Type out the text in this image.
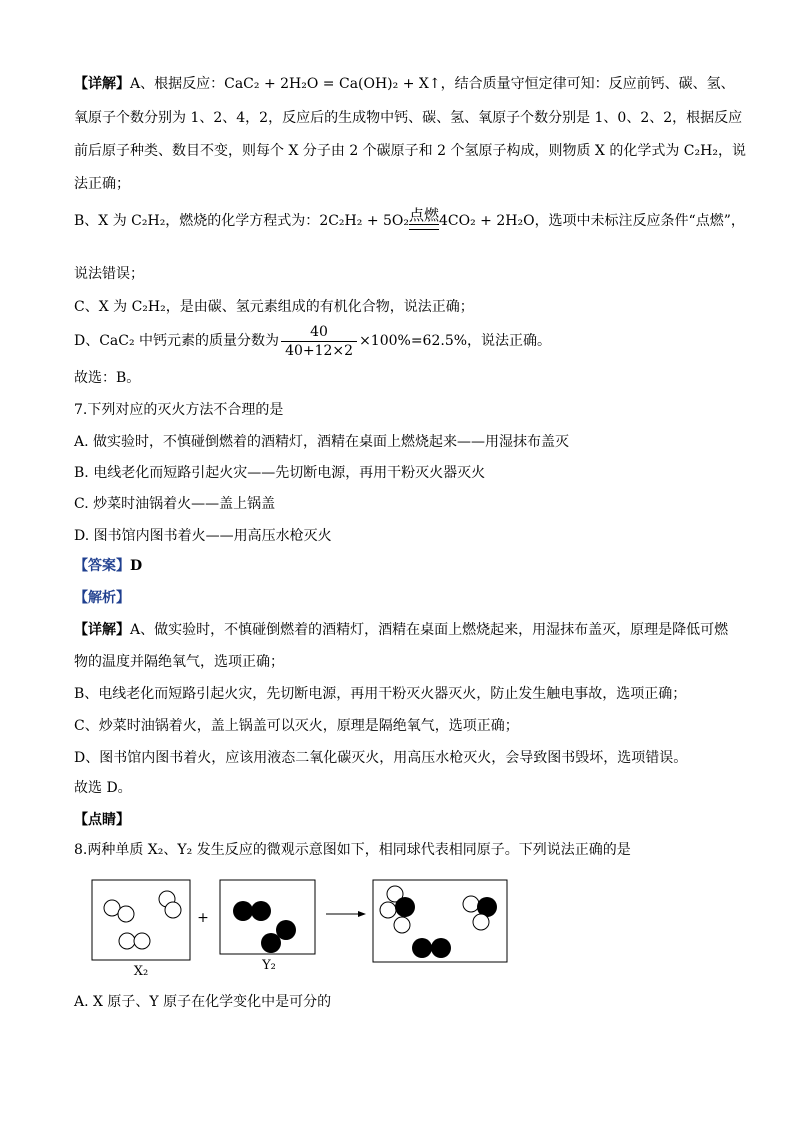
【详解】A、根据反应：CaC₂ + 2H₂O = Ca(OH)₂ + X↑，结合质量守恒定律可知：反应前钙、碳、氢、
氧原子个数分别为 1、2、4，2，反应后的生成物中钙、碳、氢、氧原子个数分别是 1、0、2、2，根据反应
前后原子种类、数目不变，则每个 X 分子由 2 个碳原子和 2 个氢原子构成，则物质 X 的化学式为 C₂H₂，说
法正确；
B、X 为 C₂H₂，燃烧的化学方程式为：2C₂H₂ + 5O₂ 点燃 4CO₂ + 2H₂O，选项中未标注反应条件“点燃”，
说法错误；
C、X 为 C₂H₂，是由碳、氢元素组成的有机化合物，说法正确；
D、CaC₂ 中钙元素的质量分数为 $\frac{40}{40+12\times 2} \times 100\%=62.5\%$，说法正确。
故选：B。
7.下列对应的灭火方法不合理的是
A. 做实验时，不慎碰倒燃着的酒精灯，酒精在桌面上燃烧起来——用湿抹布盖灭
B. 电线老化而短路引起火灾——先切断电源，再用干粉灭火器灭火
C. 炒菜时油锅着火——盖上锅盖
D. 图书馆内图书着火——用高压水枪灭火
【答案】D
【解析】
【详解】A、做实验时，不慎碰倒燃着的酒精灯，酒精在桌面上燃烧起来，用湿抹布盖灭，原理是降低可燃
物的温度并隔绝氧气，选项正确；
B、电线老化而短路引起火灾，先切断电源，再用干粉灭火器灭火，防止发生触电事故，选项正确；
C、炒菜时油锅着火，盖上锅盖可以灭火，原理是隔绝氧气，选项正确；
D、图书馆内图书着火，应该用液态二氧化碳灭火，用高压水枪灭火，会导致图书毁坏，选项错误。
故选 D。
【点睛】
8.两种单质 X₂、Y₂ 发生反应的微观示意图如下，相同球代表相同原子。下列说法正确的是
X₂
+
Y₂
A. X 原子、Y 原子在化学变化中是可分的
